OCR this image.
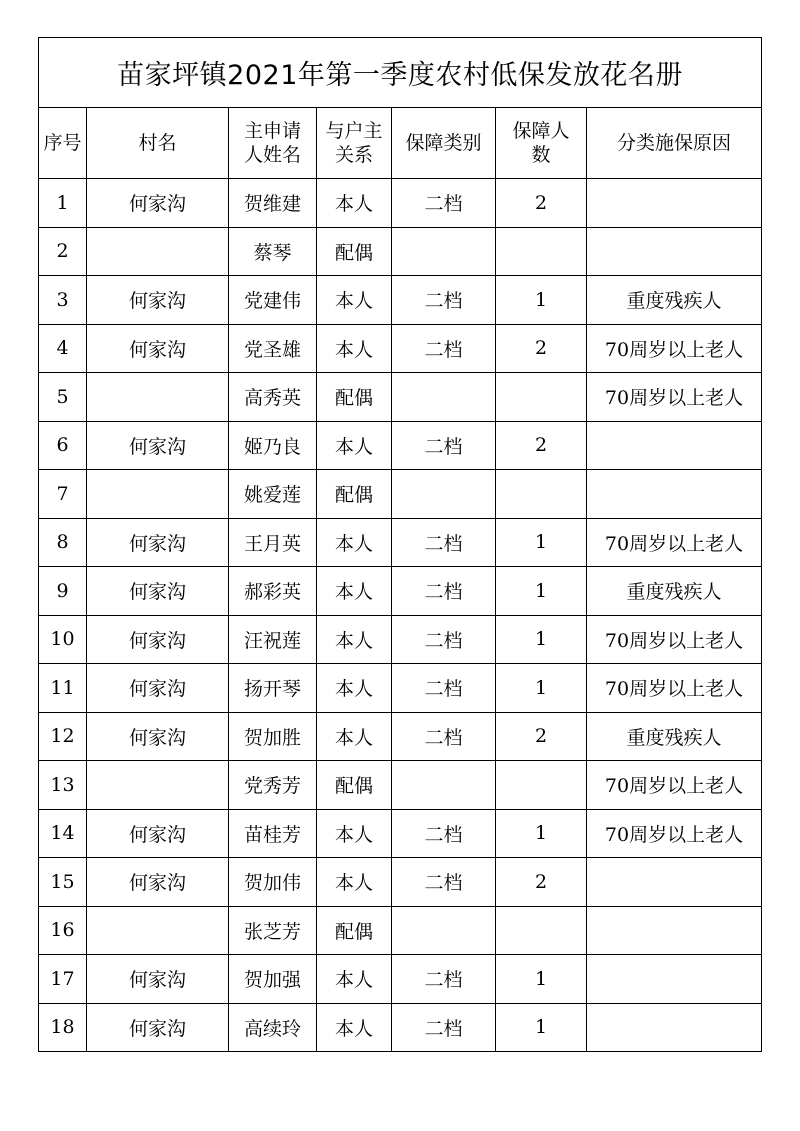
苗家坪镇2021年第一季度农村低保发放花名册						
序号	村名	主申请人姓名	与户主关系	保障类别	保障人数	分类施保原因
1	何家沟	贺维建	本人	二档	2	
2		蔡琴	配偶			
3	何家沟	党建伟	本人	二档	1	重度残疾人
4	何家沟	党圣雄	本人	二档	2	70周岁以上老人
5		高秀英	配偶			70周岁以上老人
6	何家沟	姬乃良	本人	二档	2	
7		姚爱莲	配偶			
8	何家沟	王月英	本人	二档	1	70周岁以上老人
9	何家沟	郝彩英	本人	二档	1	重度残疾人
10	何家沟	汪祝莲	本人	二档	1	70周岁以上老人
11	何家沟	扬开琴	本人	二档	1	70周岁以上老人
12	何家沟	贺加胜	本人	二档	2	重度残疾人
13		党秀芳	配偶			70周岁以上老人
14	何家沟	苗桂芳	本人	二档	1	70周岁以上老人
15	何家沟	贺加伟	本人	二档	2	
16		张芝芳	配偶			
17	何家沟	贺加强	本人	二档	1	
18	何家沟	高续玲	本人	二档	1	
